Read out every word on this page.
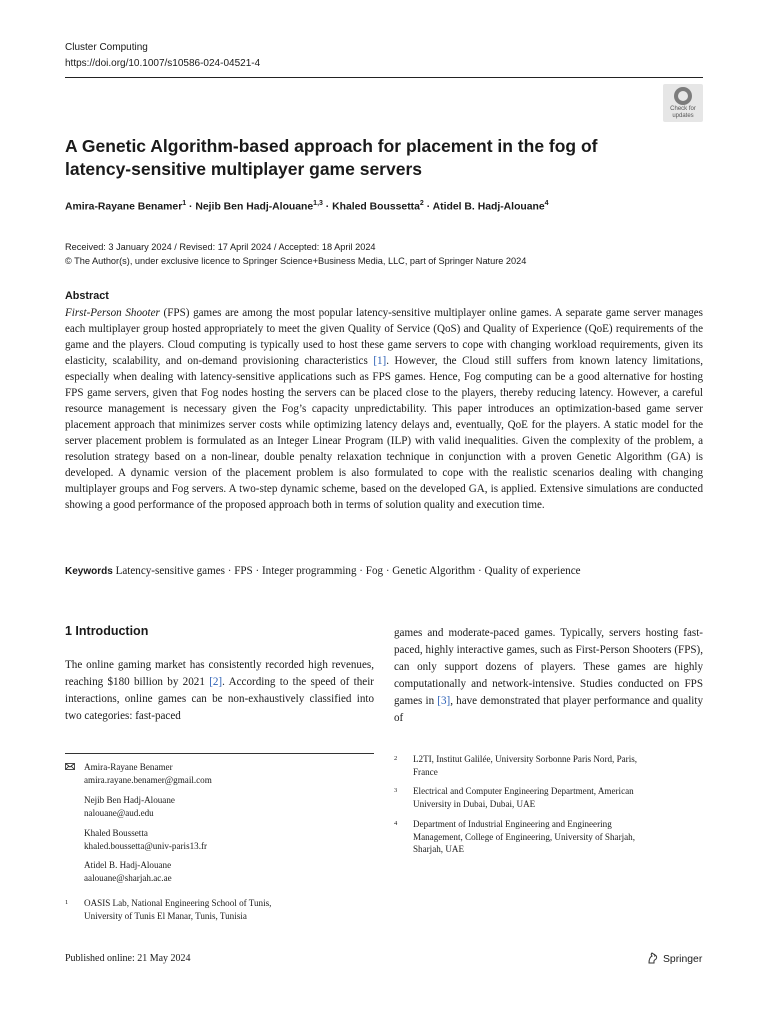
Cluster Computing
https://doi.org/10.1007/s10586-024-04521-4
Check for
updates
A Genetic Algorithm-based approach for placement in the fog of latency-sensitive multiplayer game servers
Amira-Rayane Benamer$^1$ · Nejib Ben Hadj-Alouane$^{1,3}$ · Khaled Boussetta$^2$ · Atidel B. Hadj-Alouane$^4$
Received: 3 January 2024 / Revised: 17 April 2024 / Accepted: 18 April 2024
© The Author(s), under exclusive licence to Springer Science+Business Media, LLC, part of Springer Nature 2024
Abstract

First-Person Shooter (FPS) games are among the most popular latency-sensitive multiplayer online games. A separate game server manages each multiplayer group hosted appropriately to meet the given Quality of Service (QoS) and Quality of Experience (QoE) requirements of the game and the players. Cloud computing is typically used to host these game servers to cope with changing workload requirements, given its elasticity, scalability, and on-demand provisioning characteristics [1]. However, the Cloud still suffers from known latency limitations, especially when dealing with latency-sensitive applications such as FPS games. Hence, Fog computing can be a good alternative for hosting FPS game servers, given that Fog nodes hosting the servers can be placed close to the players, thereby reducing latency. However, a careful resource management is necessary given the Fog’s capacity unpredictability. This paper introduces an optimization-based game server placement approach that minimizes server costs while optimizing latency delays and, eventually, QoE for the players. A static model for the server placement problem is formulated as an Integer Linear Program (ILP) with valid inequalities. Given the complexity of the problem, a resolution strategy based on a non-linear, double penalty relaxation technique in conjunction with a proven Genetic Algorithm (GA) is developed. A dynamic version of the placement problem is also formulated to cope with the realistic scenarios dealing with changing multiplayer groups and Fog servers. A two-step dynamic scheme, based on the developed GA, is applied. Extensive simulations are conducted showing a good performance of the proposed approach both in terms of solution quality and execution time.

Keywords Latency-sensitive games · FPS · Integer programming · Fog · Genetic Algorithm · Quality of experience
1 Introduction

The online gaming market has consistently recorded high revenues, reaching $180 billion by 2021 [2]. According to the speed of their interactions, online games can be non-exhaustively classified into two categories: fast-paced

games and moderate-paced games. Typically, servers hosting fast-paced, highly interactive games, such as First-Person Shooters (FPS), can only support dozens of players. These games are highly computationally and network-intensive. Studies conducted on FPS games in [3], have demonstrated that player performance and quality of

Amira-Rayane Benamer
amira.rayane.benamer@gmail.com
Nejib Ben Hadj-Alouane
nalouane@aud.edu
Khaled Boussetta
khaled.boussetta@univ-paris13.fr
Atidel B. Hadj-Alouane
aalouane@sharjah.ac.ae
1 OASIS Lab, National Engineering School of Tunis,
University of Tunis El Manar, Tunis, Tunisia
2 L2TI, Institut Galilée, University Sorbonne Paris Nord, Paris,
France
3 Electrical and Computer Engineering Department, American
University in Dubai, Dubai, UAE
4 Department of Industrial Engineering and Engineering
Management, College of Engineering, University of Sharjah,
Sharjah, UAE
Published online: 21 May 2024	Springer
